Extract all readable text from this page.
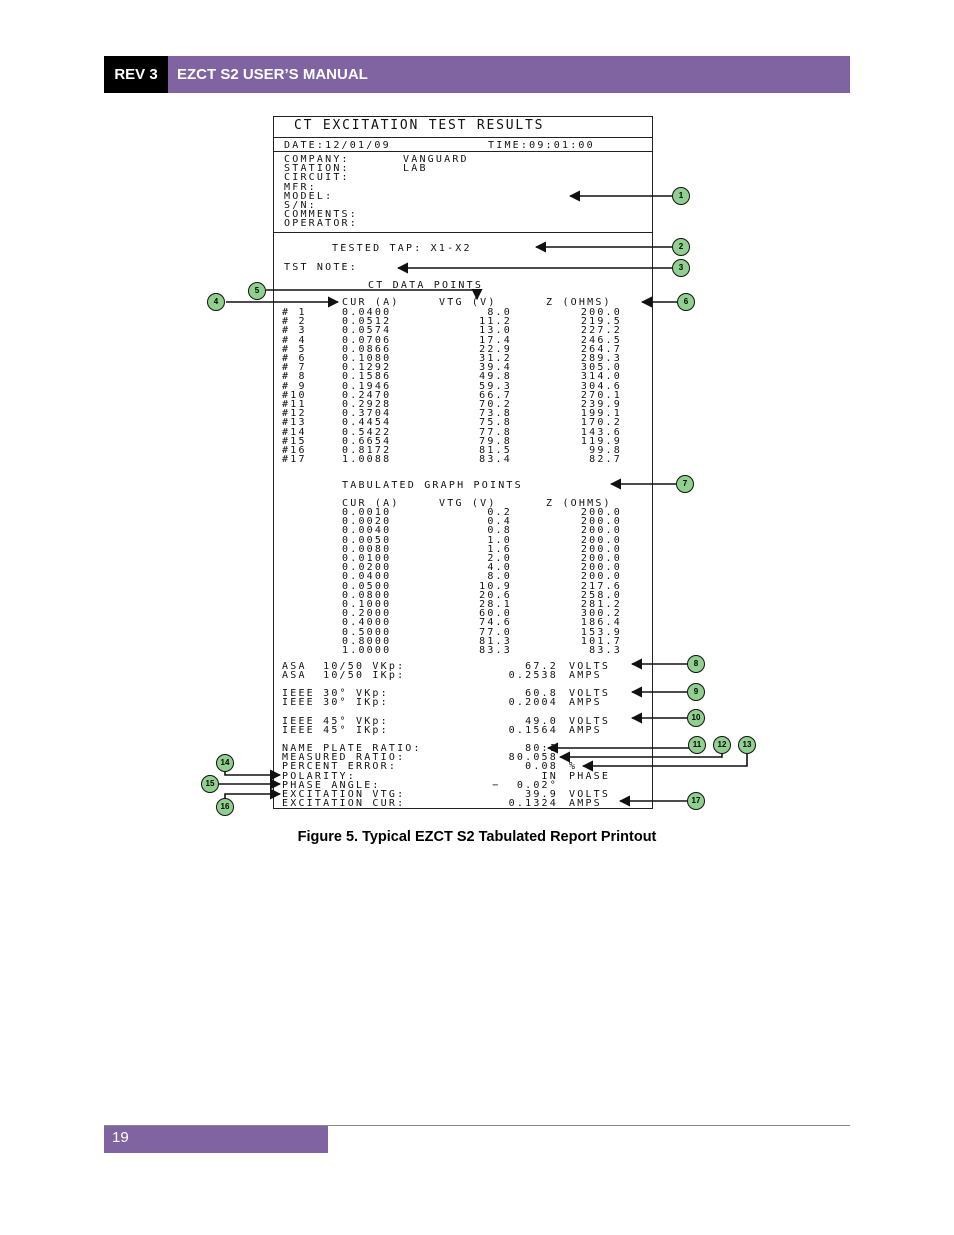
REV 3	EZCT S2 USER’S MANUAL
CT EXCITATION TEST RESULTS
DATE:12/01/09	TIME:09:01:00
TESTED TAP: X1-X2
TST NOTE:
CT DATA POINTS
CUR (A)	VTG (V)	Z (OHMS)
TABULATED GRAPH POINTS
CUR (A)	VTG (V)	Z (OHMS)
COMPANY:	VANGUARD
STATION:	LAB
CIRCUIT:
MFR:
MODEL:
S/N:
COMMENTS:
OPERATOR:
# 1	0.0400	8.0	200.0
# 2	0.0512	11.2	219.5
# 3	0.0574	13.0	227.2
# 4	0.0706	17.4	246.5
# 5	0.0866	22.9	264.7
# 6	0.1080	31.2	289.3
# 7	0.1292	39.4	305.0
# 8	0.1586	49.8	314.0
# 9	0.1946	59.3	304.6
#10	0.2470	66.7	270.1
#11	0.2928	70.2	239.9
#12	0.3704	73.8	199.1
#13	0.4454	75.8	170.2
#14	0.5422	77.8	143.6
#15	0.6654	79.8	119.9
#16	0.8172	81.5	99.8
#17	1.0088	83.4	82.7
0.0010	0.2	200.0
0.0020	0.4	200.0
0.0040	0.8	200.0
0.0050	1.0	200.0
0.0080	1.6	200.0
0.0100	2.0	200.0
0.0200	4.0	200.0
0.0400	8.0	200.0
0.0500	10.9	217.6
0.0800	20.6	258.0
0.1000	28.1	281.2
0.2000	60.0	300.2
0.4000	74.6	186.4
0.5000	77.0	153.9
0.8000	81.3	101.7
1.0000	83.3	83.3
ASA  10/50 VKp:	67.2 VOLTS
ASA  10/50 IKp:	0.2538 AMPS
IEEE 30° VKp:	60.8 VOLTS
IEEE 30° IKp:	0.2004 AMPS
IEEE 45° VKp:	49.0 VOLTS
IEEE 45° IKp:	0.1564 AMPS
NAME PLATE RATIO:	80:1
MEASURED RATIO:	80.058
PERCENT ERROR:	0.08 %
POLARITY:	IN PHASE
PHASE ANGLE:	−  0.02°
EXCITATION VTG:	39.9 VOLTS
EXCITATION CUR:	0.1324 AMPS
1
2
3
4
5
6
7
8
9
10
11	12	13
14
15
16
17
Figure 5. Typical EZCT S2 Tabulated Report Printout
19
